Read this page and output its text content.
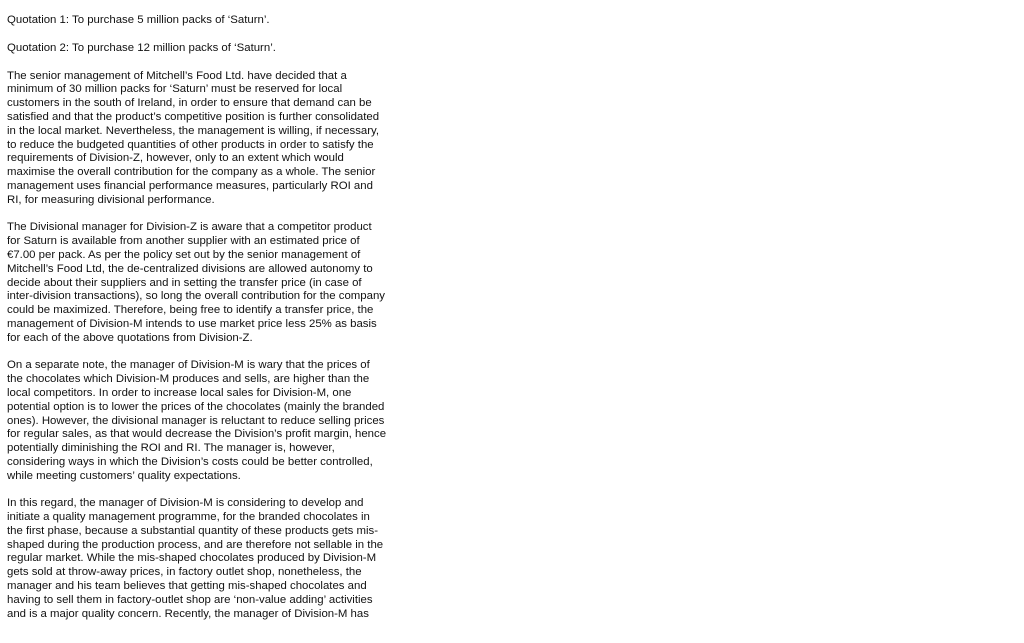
Quotation 1: To purchase 5 million packs of ‘Saturn’.
Quotation 2: To purchase 12 million packs of ‘Saturn’.
The senior management of Mitchell’s Food Ltd. have decided that a
minimum of 30 million packs for ‘Saturn’ must be reserved for local
customers in the south of Ireland, in order to ensure that demand can be
satisfied and that the product’s competitive position is further consolidated
in the local market. Nevertheless, the management is willing, if necessary,
to reduce the budgeted quantities of other products in order to satisfy the
requirements of Division-Z, however, only to an extent which would
maximise the overall contribution for the company as a whole. The senior
management uses financial performance measures, particularly ROI and
RI, for measuring divisional performance.
The Divisional manager for Division-Z is aware that a competitor product
for Saturn is available from another supplier with an estimated price of
€7.00 per pack. As per the policy set out by the senior management of
Mitchell’s Food Ltd, the de-centralized divisions are allowed autonomy to
decide about their suppliers and in setting the transfer price (in case of
inter-division transactions), so long the overall contribution for the company
could be maximized. Therefore, being free to identify a transfer price, the
management of Division-M intends to use market price less 25% as basis
for each of the above quotations from Division-Z.
On a separate note, the manager of Division-M is wary that the prices of
the chocolates which Division-M produces and sells, are higher than the
local competitors. In order to increase local sales for Division-M, one
potential option is to lower the prices of the chocolates (mainly the branded
ones). However, the divisional manager is reluctant to reduce selling prices
for regular sales, as that would decrease the Division’s profit margin, hence
potentially diminishing the ROI and RI. The manager is, however,
considering ways in which the Division’s costs could be better controlled,
while meeting customers’ quality expectations.
In this regard, the manager of Division-M is considering to develop and
initiate a quality management programme, for the branded chocolates in
the first phase, because a substantial quantity of these products gets mis-
shaped during the production process, and are therefore not sellable in the
regular market. While the mis-shaped chocolates produced by Division-M
gets sold at throw-away prices, in factory outlet shop, nonetheless, the
manager and his team believes that getting mis-shaped chocolates and
having to sell them in factory-outlet shop are ‘non-value adding’ activities
and is a major quality concern. Recently, the manager of Division-M has
